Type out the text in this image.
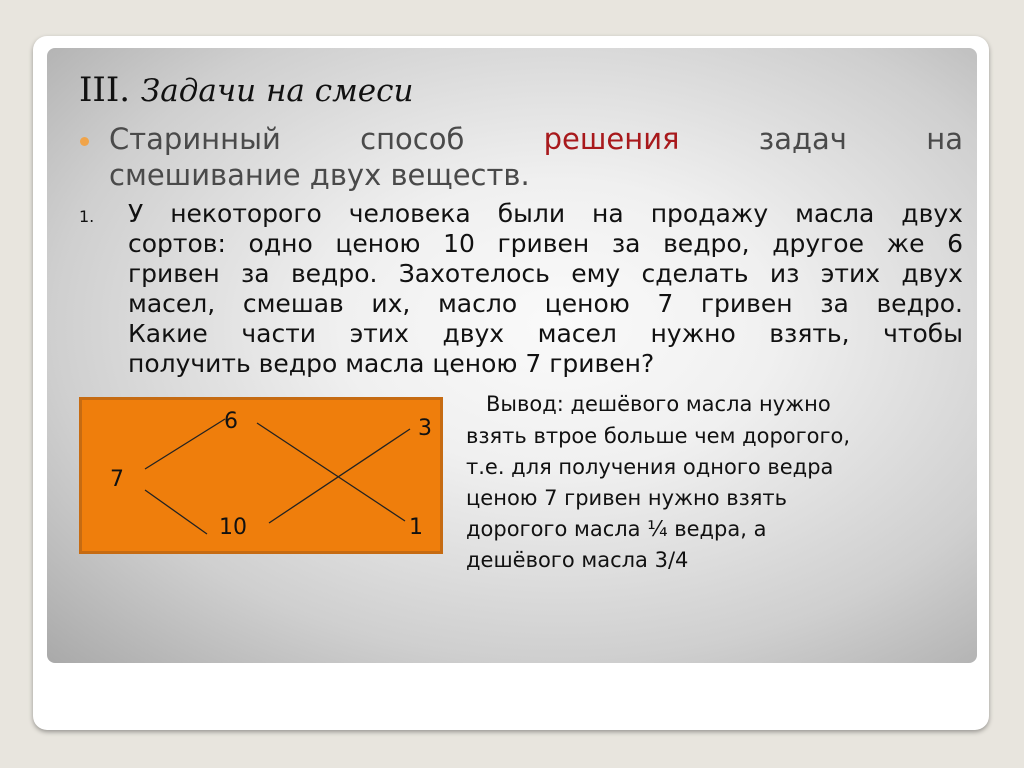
III. Задачи на смеси
Старинный	способ	решения	задач	на
смешивание двух веществ.
1. У некоторого человека были на продажу масла двух
сортов: одно ценою 10 гривен за ведро, другое же 6
гривен за ведро. Захотелось ему сделать из этих двух
масел, смешав их, масло ценою 7 гривен за ведро.
Какие части этих двух масел нужно взять, чтобы
получить ведро масла ценою 7 гривен?
6	3
7
10	1
Вывод: дешёвого масла нужно
взять втрое больше чем дорогого,
т.е. для получения одного ведра
ценою 7 гривен нужно взять
дорогого масла ¼ ведра, а
дешёвого масла 3/4
